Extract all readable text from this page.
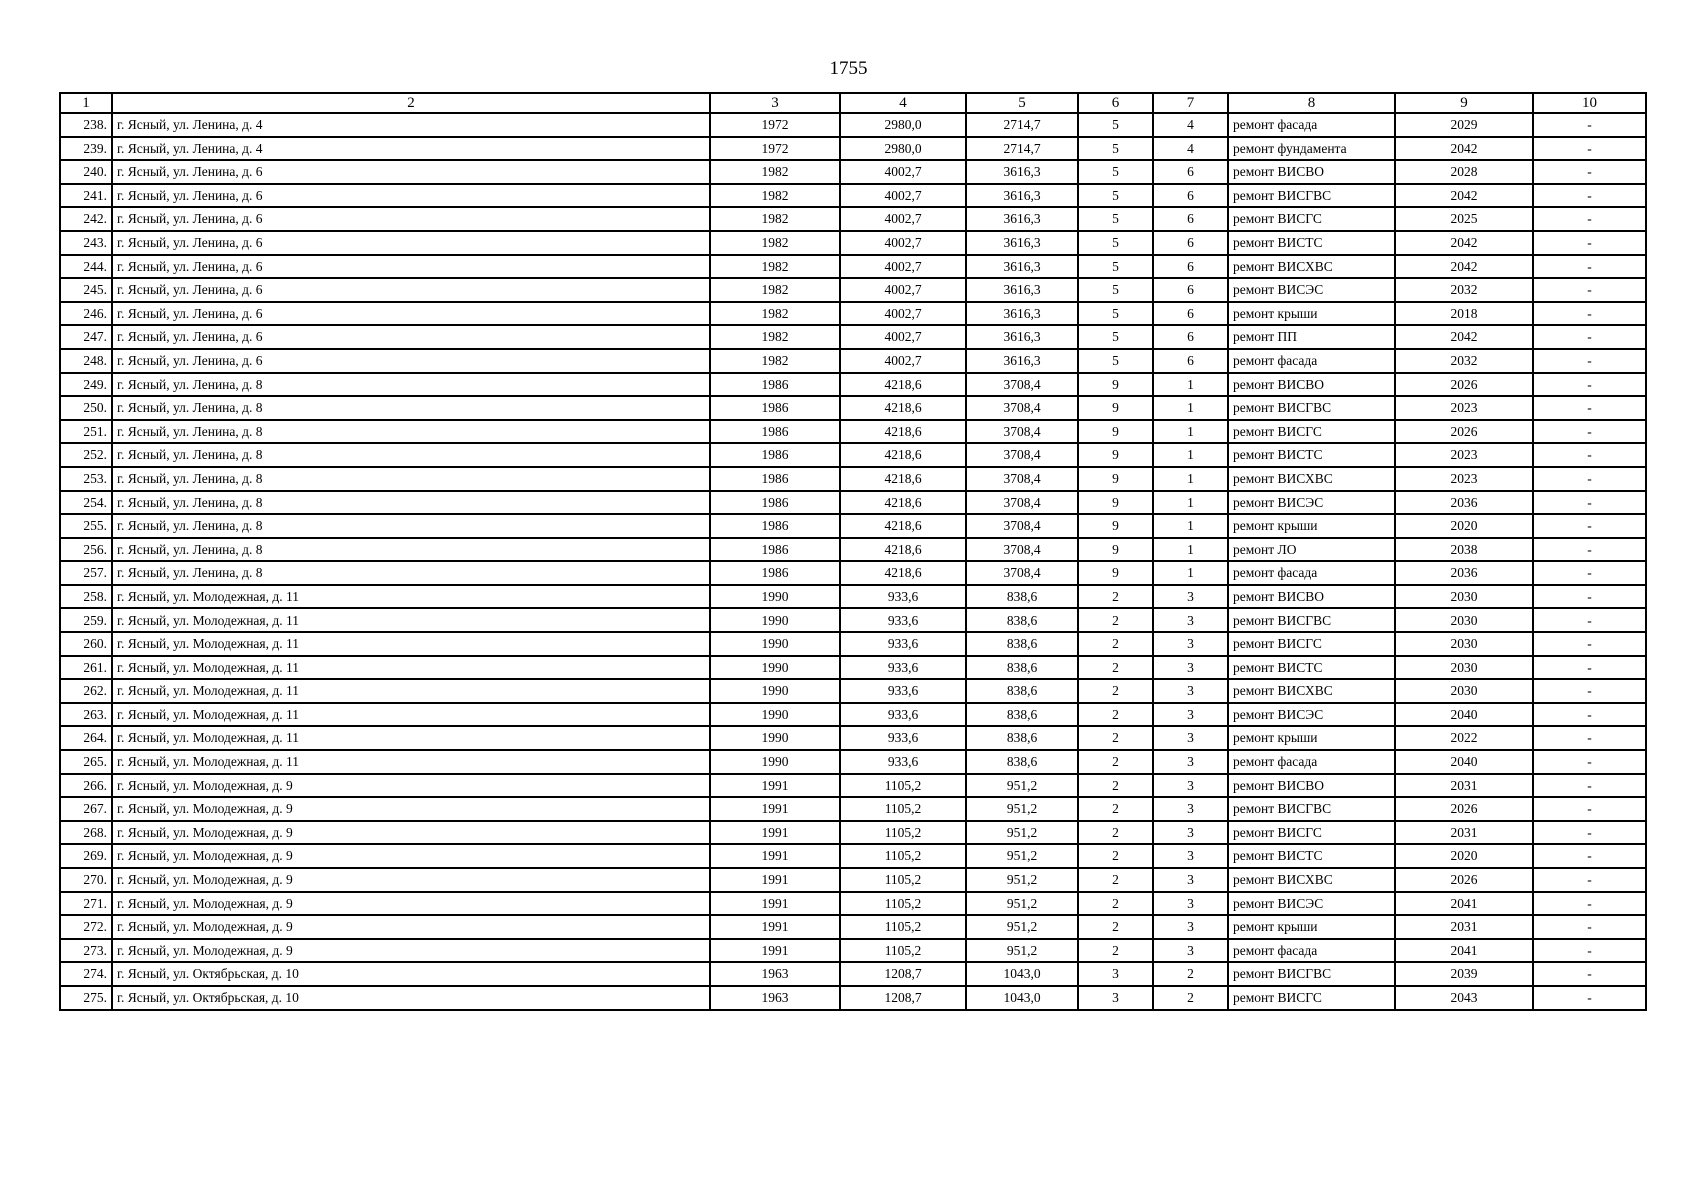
1755
1	2	3	4	5	6	7	8	9	10
238.	г. Ясный, ул. Ленина, д. 4	1972	2980,0	2714,7	5	4	ремонт фасада	2029	-
239.	г. Ясный, ул. Ленина, д. 4	1972	2980,0	2714,7	5	4	ремонт фундамента	2042	-
240.	г. Ясный, ул. Ленина, д. 6	1982	4002,7	3616,3	5	6	ремонт ВИСВО	2028	-
241.	г. Ясный, ул. Ленина, д. 6	1982	4002,7	3616,3	5	6	ремонт ВИСГВС	2042	-
242.	г. Ясный, ул. Ленина, д. 6	1982	4002,7	3616,3	5	6	ремонт ВИСГС	2025	-
243.	г. Ясный, ул. Ленина, д. 6	1982	4002,7	3616,3	5	6	ремонт ВИСТС	2042	-
244.	г. Ясный, ул. Ленина, д. 6	1982	4002,7	3616,3	5	6	ремонт ВИСХВС	2042	-
245.	г. Ясный, ул. Ленина, д. 6	1982	4002,7	3616,3	5	6	ремонт ВИСЭС	2032	-
246.	г. Ясный, ул. Ленина, д. 6	1982	4002,7	3616,3	5	6	ремонт крыши	2018	-
247.	г. Ясный, ул. Ленина, д. 6	1982	4002,7	3616,3	5	6	ремонт ПП	2042	-
248.	г. Ясный, ул. Ленина, д. 6	1982	4002,7	3616,3	5	6	ремонт фасада	2032	-
249.	г. Ясный, ул. Ленина, д. 8	1986	4218,6	3708,4	9	1	ремонт ВИСВО	2026	-
250.	г. Ясный, ул. Ленина, д. 8	1986	4218,6	3708,4	9	1	ремонт ВИСГВС	2023	-
251.	г. Ясный, ул. Ленина, д. 8	1986	4218,6	3708,4	9	1	ремонт ВИСГС	2026	-
252.	г. Ясный, ул. Ленина, д. 8	1986	4218,6	3708,4	9	1	ремонт ВИСТС	2023	-
253.	г. Ясный, ул. Ленина, д. 8	1986	4218,6	3708,4	9	1	ремонт ВИСХВС	2023	-
254.	г. Ясный, ул. Ленина, д. 8	1986	4218,6	3708,4	9	1	ремонт ВИСЭС	2036	-
255.	г. Ясный, ул. Ленина, д. 8	1986	4218,6	3708,4	9	1	ремонт крыши	2020	-
256.	г. Ясный, ул. Ленина, д. 8	1986	4218,6	3708,4	9	1	ремонт ЛО	2038	-
257.	г. Ясный, ул. Ленина, д. 8	1986	4218,6	3708,4	9	1	ремонт фасада	2036	-
258.	г. Ясный, ул. Молодежная, д. 11	1990	933,6	838,6	2	3	ремонт ВИСВО	2030	-
259.	г. Ясный, ул. Молодежная, д. 11	1990	933,6	838,6	2	3	ремонт ВИСГВС	2030	-
260.	г. Ясный, ул. Молодежная, д. 11	1990	933,6	838,6	2	3	ремонт ВИСГС	2030	-
261.	г. Ясный, ул. Молодежная, д. 11	1990	933,6	838,6	2	3	ремонт ВИСТС	2030	-
262.	г. Ясный, ул. Молодежная, д. 11	1990	933,6	838,6	2	3	ремонт ВИСХВС	2030	-
263.	г. Ясный, ул. Молодежная, д. 11	1990	933,6	838,6	2	3	ремонт ВИСЭС	2040	-
264.	г. Ясный, ул. Молодежная, д. 11	1990	933,6	838,6	2	3	ремонт крыши	2022	-
265.	г. Ясный, ул. Молодежная, д. 11	1990	933,6	838,6	2	3	ремонт фасада	2040	-
266.	г. Ясный, ул. Молодежная, д. 9	1991	1105,2	951,2	2	3	ремонт ВИСВО	2031	-
267.	г. Ясный, ул. Молодежная, д. 9	1991	1105,2	951,2	2	3	ремонт ВИСГВС	2026	-
268.	г. Ясный, ул. Молодежная, д. 9	1991	1105,2	951,2	2	3	ремонт ВИСГС	2031	-
269.	г. Ясный, ул. Молодежная, д. 9	1991	1105,2	951,2	2	3	ремонт ВИСТС	2020	-
270.	г. Ясный, ул. Молодежная, д. 9	1991	1105,2	951,2	2	3	ремонт ВИСХВС	2026	-
271.	г. Ясный, ул. Молодежная, д. 9	1991	1105,2	951,2	2	3	ремонт ВИСЭС	2041	-
272.	г. Ясный, ул. Молодежная, д. 9	1991	1105,2	951,2	2	3	ремонт крыши	2031	-
273.	г. Ясный, ул. Молодежная, д. 9	1991	1105,2	951,2	2	3	ремонт фасада	2041	-
274.	г. Ясный, ул. Октябрьская, д. 10	1963	1208,7	1043,0	3	2	ремонт ВИСГВС	2039	-
275.	г. Ясный, ул. Октябрьская, д. 10	1963	1208,7	1043,0	3	2	ремонт ВИСГС	2043	-
